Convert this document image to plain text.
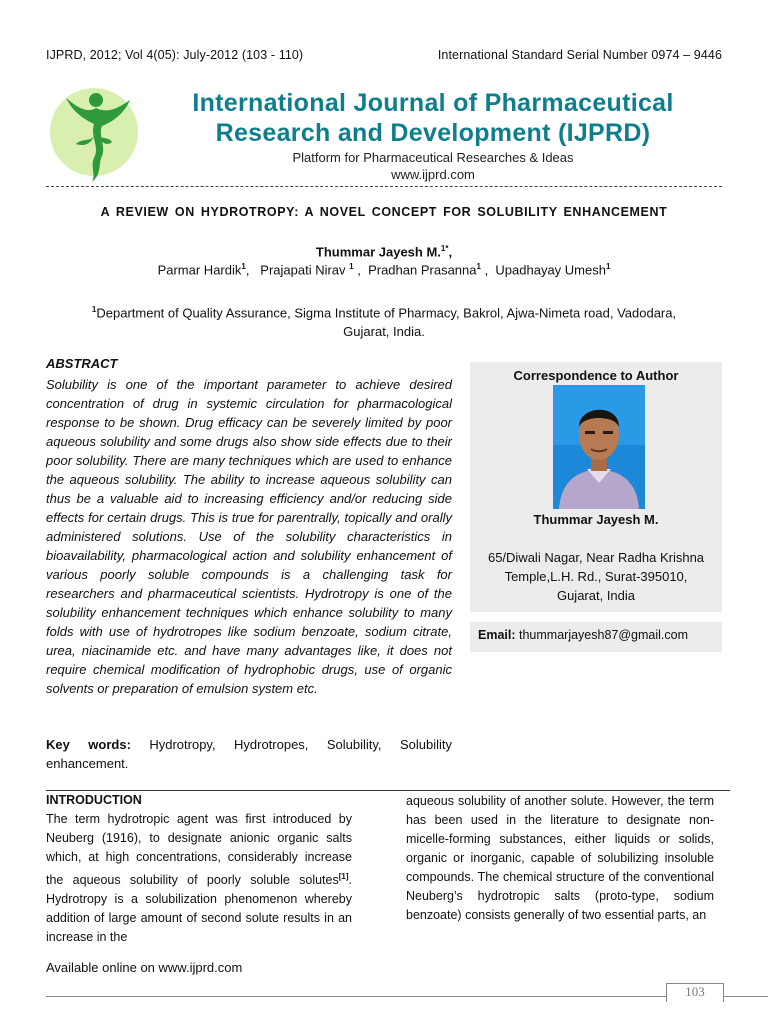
IJPRD, 2012; Vol 4(05): July-2012 (103 - 110)	International Standard Serial Number 0974 – 9446
International Journal of Pharmaceutical
Research and Development (IJPRD)
Platform for Pharmaceutical Researches & Ideas
www.ijprd.com
A REVIEW ON HYDROTROPY: A NOVEL CONCEPT FOR SOLUBILITY ENHANCEMENT
Thummar Jayesh M.$^{1*}$,
Parmar Hardik$^1$,   Prajapati Nirav $^1$ ,  Pradhan Prasanna$^1$ ,  Upadhayay Umesh$^1$
$^1$Department of Quality Assurance, Sigma Institute of Pharmacy, Bakrol, Ajwa-Nimeta road, Vadodara,
Gujarat, India.
ABSTRACT
Solubility is one of the important parameter to achieve desired concentration of drug in systemic circulation for pharmacological response to be shown. Drug efficacy can be severely limited by poor aqueous solubility and some drugs also show side effects due to their poor solubility. There are many techniques which are used to enhance the aqueous solubility. The ability to increase aqueous solubility can thus be a valuable aid to increasing efficiency and/or reducing side effects for certain drugs. This is true for parentrally, topically and orally administered solutions. Use of the solubility characteristics in bioavailability, pharmacological action and solubility enhancement of various poorly soluble compounds is a challenging task for researchers and pharmaceutical scientists. Hydrotropy is one of the solubility enhancement techniques which enhance solubility to many folds with use of hydrotropes like sodium benzoate, sodium citrate, urea, niacinamide etc. and have many advantages like, it does not require chemical modification of hydrophobic drugs, use of organic solvents or preparation of emulsion system etc.
Key words: Hydrotropy, Hydrotropes, Solubility, Solubility enhancement.
Correspondence to Author
Thummar Jayesh M.
65/Diwali Nagar, Near Radha Krishna
Temple,L.H. Rd., Surat-395010,
Gujarat, India
Email: thummarjayesh87@gmail.com
INTRODUCTION
The term hydrotropic agent was first introduced by Neuberg (1916), to designate anionic organic salts which, at high concentrations, considerably increase the aqueous solubility of poorly soluble solutes[1]. Hydrotropy is a solubilization phenomenon whereby addition of large amount of second solute results in an increase in the
aqueous solubility of another solute. However, the term has been used in the literature to designate non-micelle-forming substances, either liquids or solids, organic or inorganic, capable of solubilizing insoluble compounds. The chemical structure of the conventional Neuberg’s hydrotropic salts (proto-type, sodium benzoate) consists generally of two essential parts, an
Available online on www.ijprd.com
103
